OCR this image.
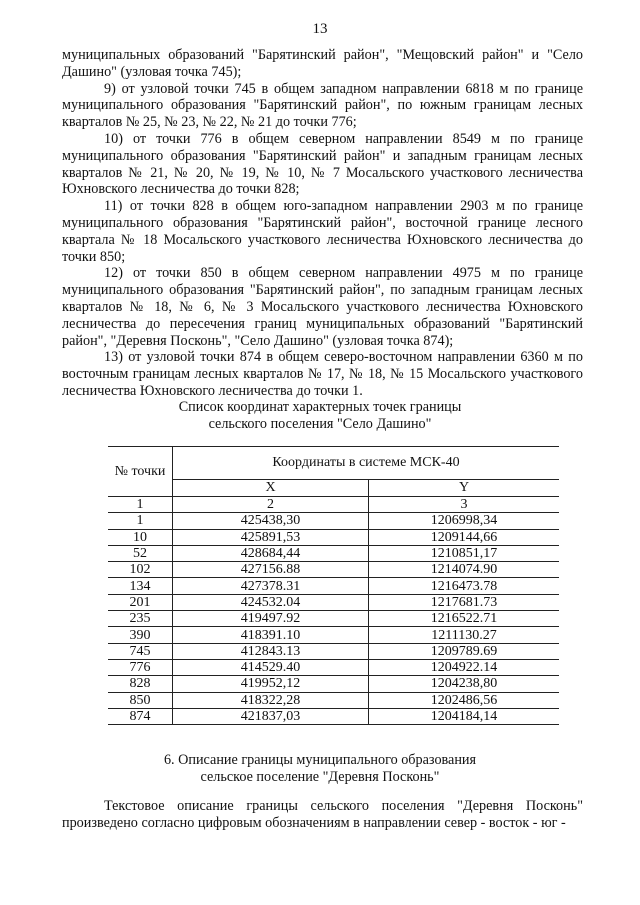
13

муниципальных образований "Барятинский район", "Мещовский район" и "Село Дашино" (узловая точка 745);

9) от узловой точки 745 в общем западном направлении 6818 м по границе муниципального образования "Барятинский район", по южным границам лесных кварталов № 25, № 23, № 22, № 21 до точки 776;

10) от точки 776 в общем северном направлении 8549 м по границе муниципального образования "Барятинский район" и западным границам лесных кварталов № 21, № 20, № 19, № 10, № 7 Мосальского участкового лесничества Юхновского лесничества до точки 828;

11) от точки 828 в общем юго-западном направлении 2903 м по границе муниципального образования "Барятинский район", восточной границе лесного квартала № 18 Мосальского участкового лесничества Юхновского лесничества до точки 850;

12) от точки 850 в общем северном направлении 4975 м по границе муниципального образования "Барятинский район", по западным границам лесных кварталов № 18, № 6, № 3 Мосальского участкового лесничества Юхновского лесничества до пересечения границ муниципальных образований "Барятинский район", "Деревня Посконь", "Село Дашино" (узловая точка 874);

13) от узловой точки 874 в общем северо-восточном направлении 6360 м по восточным границам лесных кварталов № 17, № 18, № 15 Мосальского участкового лесничества Юхновского лесничества до точки 1.

Список координат характерных точек границы
сельского поселения "Село Дашино"
№ точки	Координаты в системе МСК-40	
	X	Y
1	2	3
1	425438,30	1206998,34
10	425891,53	1209144,66
52	428684,44	1210851,17
102	427156.88	1214074.90
134	427378.31	1216473.78
201	424532.04	1217681.73
235	419497.92	1216522.71
390	418391.10	1211130.27
745	412843.13	1209789.69
776	414529.40	1204922.14
828	419952,12	1204238,80
850	418322,28	1202486,56
874	421837,03	1204184,14
6. Описание границы муниципального образования
сельское поселение "Деревня Посконь"
Текстовое описание границы сельского поселения "Деревня Посконь" произведено согласно цифровым обозначениям в направлении север - восток - юг -
